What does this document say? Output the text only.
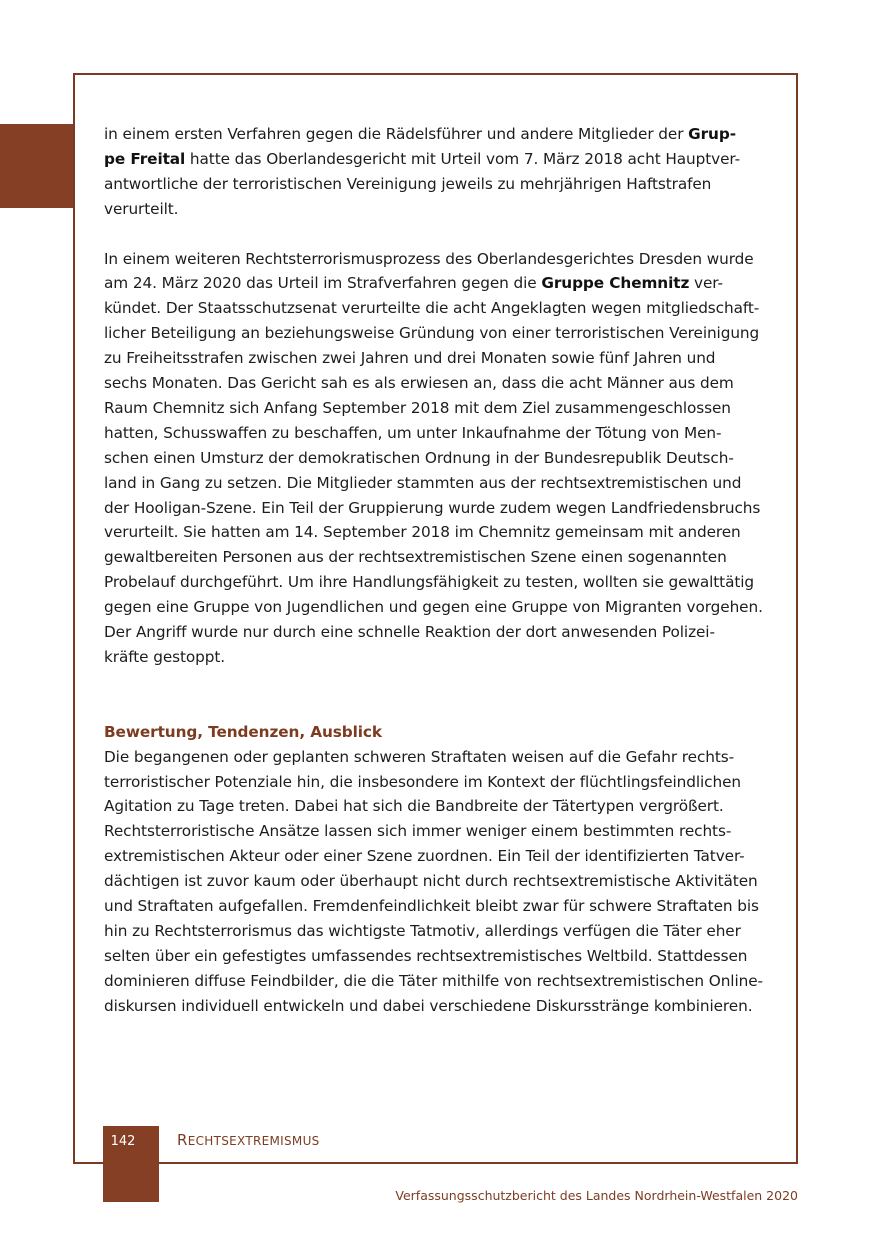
in einem ersten Verfahren gegen die Rädelsführer und andere Mitglieder der Grup-
pe Freital hatte das Oberlandesgericht mit Urteil vom 7. März 2018 acht Hauptver-
antwortliche der terroristischen Vereinigung jeweils zu mehrjährigen Haftstrafen
verurteilt.
In einem weiteren Rechtsterrorismusprozess des Oberlandesgerichtes Dresden wurde
am 24. März 2020 das Urteil im Strafverfahren gegen die Gruppe Chemnitz ver-
kündet. Der Staatsschutzsenat verurteilte die acht Angeklagten wegen mitgliedschaft-
licher Beteiligung an beziehungsweise Gründung von einer terroristischen Vereinigung
zu Freiheitsstrafen zwischen zwei Jahren und drei Monaten sowie fünf Jahren und
sechs Monaten. Das Gericht sah es als erwiesen an, dass die acht Männer aus dem
Raum Chemnitz sich Anfang September 2018 mit dem Ziel zusammengeschlossen
hatten, Schusswaffen zu beschaffen, um unter Inkaufnahme der Tötung von Men-
schen einen Umsturz der demokratischen Ordnung in der Bundesrepublik Deutsch-
land in Gang zu setzen. Die Mitglieder stammten aus der rechtsextremistischen und
der Hooligan-Szene. Ein Teil der Gruppierung wurde zudem wegen Landfriedensbruchs
verurteilt. Sie hatten am 14. September 2018 im Chemnitz gemeinsam mit anderen
gewaltbereiten Personen aus der rechtsextremistischen Szene einen sogenannten
Probelauf durchgeführt. Um ihre Handlungsfähigkeit zu testen, wollten sie gewalttätig
gegen eine Gruppe von Jugendlichen und gegen eine Gruppe von Migranten vorgehen.
Der Angriff wurde nur durch eine schnelle Reaktion der dort anwesenden Polizei-
kräfte gestoppt.
Bewertung, Tendenzen, Ausblick
Die begangenen oder geplanten schweren Straftaten weisen auf die Gefahr rechts-
terroristischer Potenziale hin, die insbesondere im Kontext der flüchtlingsfeindlichen
Agitation zu Tage treten. Dabei hat sich die Bandbreite der Tätertypen vergrößert.
Rechtsterroristische Ansätze lassen sich immer weniger einem bestimmten rechts-
extremistischen Akteur oder einer Szene zuordnen. Ein Teil der identifizierten Tatver-
dächtigen ist zuvor kaum oder überhaupt nicht durch rechtsextremistische Aktivitäten
und Straftaten aufgefallen. Fremdenfeindlichkeit bleibt zwar für schwere Straftaten bis
hin zu Rechtsterrorismus das wichtigste Tatmotiv, allerdings verfügen die Täter eher
selten über ein gefestigtes umfassendes rechtsextremistisches Weltbild. Stattdessen
dominieren diffuse Feindbilder, die die Täter mithilfe von rechtsextremistischen Online-
diskursen individuell entwickeln und dabei verschiedene Diskursstränge kombinieren.
142	RECHTSEXTREMISMUS
Verfassungsschutzbericht des Landes Nordrhein-Westfalen 2020
